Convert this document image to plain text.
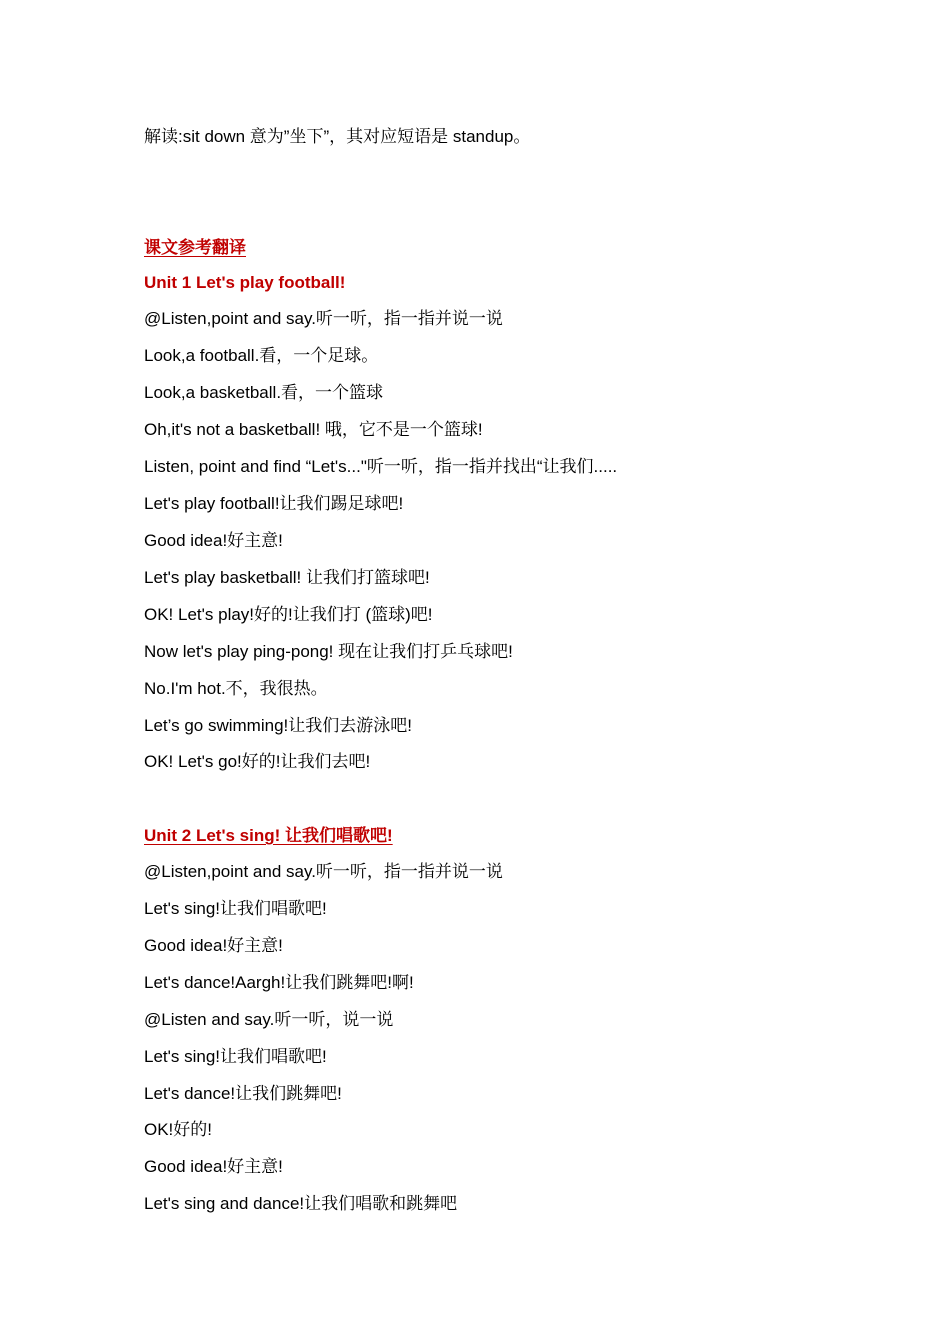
解读:sit down 意为”坐下”，其对应短语是 standup。
课文参考翻译
Unit 1 Let's play football!
@Listen,point and say.听一听，指一指并说一说
Look,a football.看，一个足球。
Look,a basketball.看，一个篮球
Oh,it's not a basketball! 哦，它不是一个篮球!
Listen, point and find “Let's..."听一听，指一指并找出“让我们.....
Let's play football!让我们踢足球吧!
Good idea!好主意!
Let's play basketball! 让我们打篮球吧!
OK! Let's play!好的!让我们打 (篮球)吧!
Now let's play ping-pong! 现在让我们打乒乓球吧!
No.I'm hot.不，我很热。
Let’s go swimming!让我们去游泳吧!
OK! Let's go!好的!让我们去吧!
Unit 2 Let's sing! 让我们唱歌吧!
@Listen,point and say.听一听，指一指并说一说
Let's sing!让我们唱歌吧!
Good idea!好主意!
Let's dance!Aargh!让我们跳舞吧!啊!
@Listen and say.听一听，说一说
Let's sing!让我们唱歌吧!
Let's dance!让我们跳舞吧!
OK!好的!
Good idea!好主意!
Let's sing and dance!让我们唱歌和跳舞吧
